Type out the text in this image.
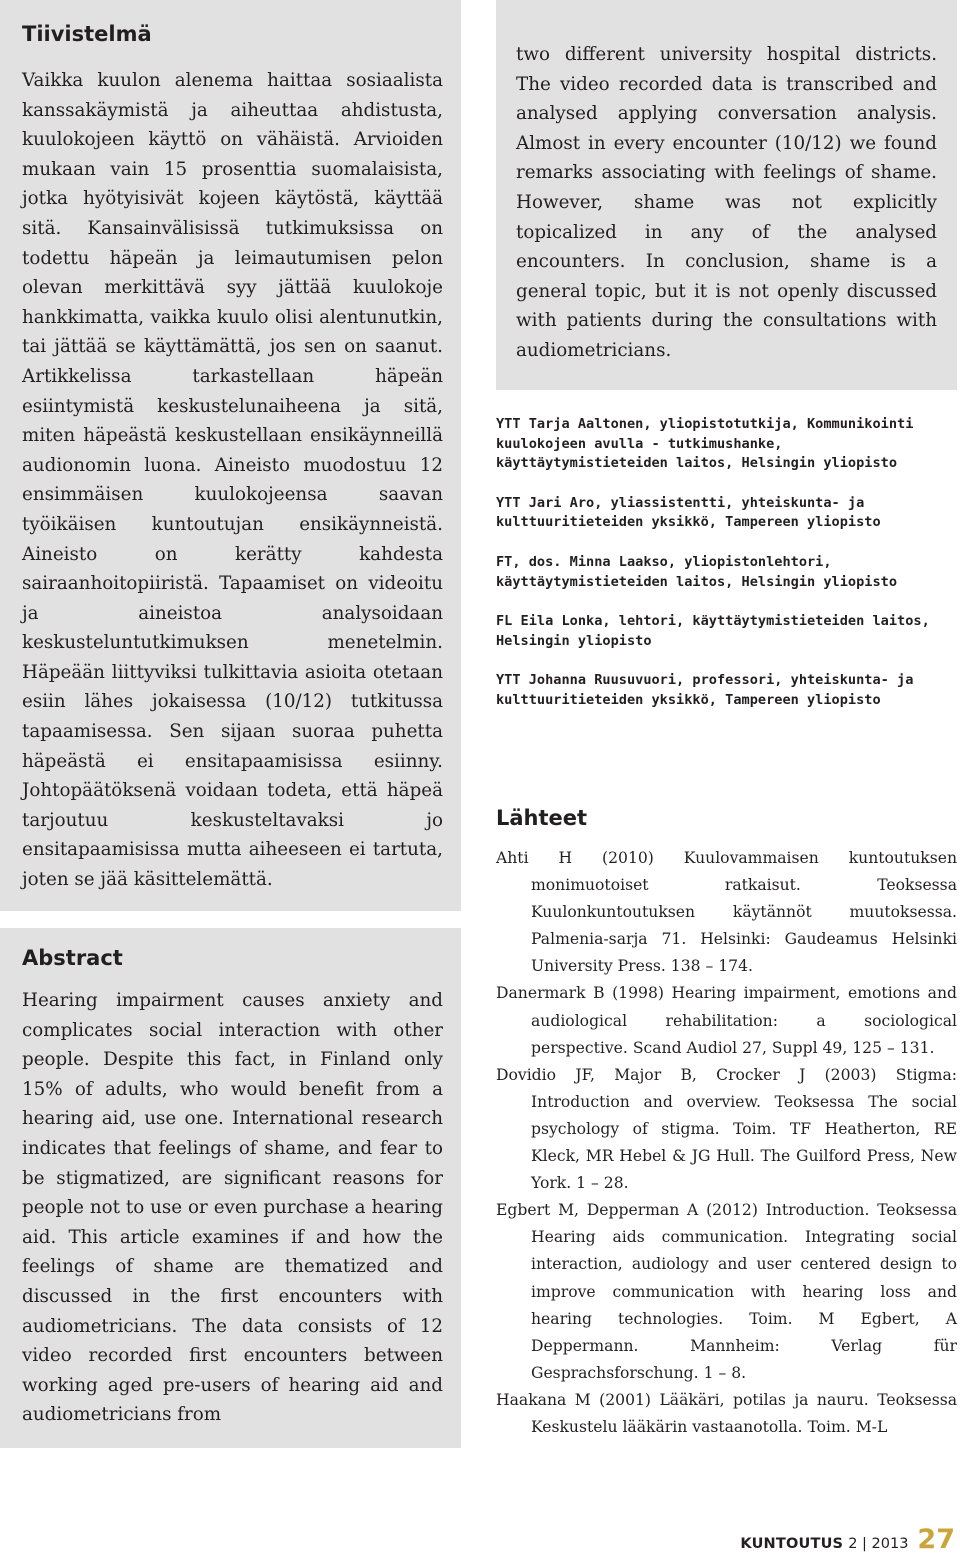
Tiivistelmä

Vaikka kuulon alenema haittaa sosiaalista kanssakäymistä ja aiheuttaa ahdistusta, kuulokojeen käyttö on vähäistä. Arvioiden mukaan vain 15 prosenttia suomalaisista, jotka hyötyisivät kojeen käytöstä, käyttää sitä. Kansainvälisissä tutkimuksissa on todettu häpeän ja leimautumisen pelon olevan merkittävä syy jättää kuulokoje hankkimatta, vaikka kuulo olisi alentunutkin, tai jättää se käyttämättä, jos sen on saanut. Artikkelissa tarkastellaan häpeän esiintymistä keskustelunaiheena ja sitä, miten häpeästä keskustellaan ensikäynneillä audionomin luona. Aineisto muodostuu 12 ensimmäisen kuulokojeensa saavan työikäisen kuntoutujan ensikäynneistä. Aineisto on kerätty kahdesta sairaanhoitopiiristä. Tapaamiset on videoitu ja aineistoa analysoidaan keskusteluntutkimuksen menetelmin. Häpeään liittyviksi tulkittavia asioita otetaan esiin lähes jokaisessa (10/12) tutkitussa tapaamisessa. Sen sijaan suoraa puhetta häpeästä ei ensitapaamisissa esiinny. Johtopäätöksenä voidaan todeta, että häpeä tarjoutuu keskusteltavaksi jo ensitapaamisissa mutta aiheeseen ei tartuta, joten se jää käsittelemättä.

Abstract

Hearing impairment causes anxiety and complicates social interaction with other people. Despite this fact, in Finland only 15% of adults, who would benefit from a hearing aid, use one. International research indicates that feelings of shame, and fear to be stigmatized, are significant reasons for people not to use or even purchase a hearing aid. This article examines if and how the feelings of shame are thematized and discussed in the first encounters with audiometricians. The data consists of 12 video recorded first encounters between working aged pre-users of hearing aid and audiometricians from

two different university hospital districts. The video recorded data is transcribed and analysed applying conversation analysis. Almost in every encounter (10/12) we found remarks associating with feelings of shame. However, shame was not explicitly topicalized in any of the analysed encounters. In conclusion, shame is a general topic, but it is not openly discussed with patients during the consultations with audiometricians.

YTT Tarja Aaltonen, yliopistotutkija, Kommunikointi kuulokojeen avulla - tutkimushanke, käyttäytymistieteiden laitos, Helsingin yliopisto

YTT Jari Aro, yliassistentti, yhteiskunta- ja kulttuuritieteiden yksikkö, Tampereen yliopisto

FT, dos. Minna Laakso, yliopistonlehtori, käyttäytymistieteiden laitos, Helsingin yliopisto

FL Eila Lonka, lehtori, käyttäytymistieteiden laitos, Helsingin yliopisto

YTT Johanna Ruusuvuori, professori, yhteiskunta- ja kulttuuritieteiden yksikkö, Tampereen yliopisto

Lähteet

Ahti H (2010) Kuulovammaisen kuntoutuksen monimuotoiset ratkaisut. Teoksessa Kuulonkuntoutuksen käytännöt muutoksessa. Palmenia-sarja 71. Helsinki: Gaudeamus Helsinki University Press. 138 – 174.

Danermark B (1998) Hearing impairment, emotions and audiological rehabilitation: a sociological perspective. Scand Audiol 27, Suppl 49, 125 – 131.

Dovidio JF, Major B, Crocker J (2003) Stigma: Introduction and overview. Teoksessa The social psychology of stigma. Toim. TF Heatherton, RE Kleck, MR Hebel & JG Hull. The Guilford Press, New York. 1 – 28.

Egbert M, Depperman A (2012) Introduction. Teoksessa Hearing aids communication. Integrating social interaction, audiology and user centered design to improve communication with hearing loss and hearing technologies. Toim. M Egbert, A Deppermann. Mannheim: Verlag für Gesprachsforschung. 1 – 8.

Haakana M (2001) Lääkäri, potilas ja nauru. Teoksessa Keskustelu lääkärin vastaanotolla. Toim. M-L

KUNTOUTUS 2 | 2013 27
